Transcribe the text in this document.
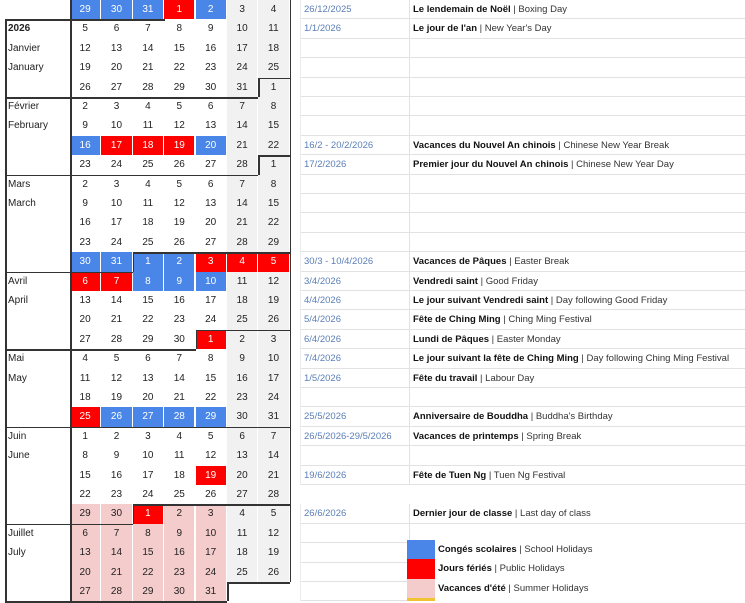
29	30	31	1	2	3	4
2026	5	6	7	8	9	10	11
Janvier	12	13	14	15	16	17	18
January	19	20	21	22	23	24	25
26	27	28	29	30	31	1
Février	2	3	4	5	6	7	8
February	9	10	11	12	13	14	15
16	17	18	19	20	21	22
23	24	25	26	27	28	1
Mars	2	3	4	5	6	7	8
March	9	10	11	12	13	14	15
16	17	18	19	20	21	22
23	24	25	26	27	28	29
30	31	1	2	3	4	5
Avril	6	7	8	9	10	11	12
April	13	14	15	16	17	18	19
20	21	22	23	24	25	26
27	28	29	30	1	2	3
Mai	4	5	6	7	8	9	10
May	11	12	13	14	15	16	17
18	19	20	21	22	23	24
25	26	27	28	29	30	31
Juin	1	2	3	4	5	6	7
June	8	9	10	11	12	13	14
15	16	17	18	19	20	21
22	23	24	25	26	27	28
29	30	1	2	3	4	5
Juillet	6	7	8	9	10	11	12
July	13	14	15	16	17	18	19
20	21	22	23	24	25	26
27	28	29	30	31
26/12/2025	Le lendemain de Noël | Boxing Day
1/1/2026	Le jour de l'an | New Year's Day
16/2 - 20/2/2026	Vacances du Nouvel An chinois | Chinese New Year Break
17/2/2026	Premier jour du Nouvel An chinois | Chinese New Year Day
30/3 - 10/4/2026	Vacances de Pâques | Easter Break
3/4/2026	Vendredi saint | Good Friday
4/4/2026	Le jour suivant Vendredi saint | Day following Good Friday
5/4/2026	Fête de Ching Ming | Ching Ming Festival
6/4/2026	Lundi de Pâques | Easter Monday
7/4/2026	Le jour suivant la fête de Ching Ming | Day following Ching Ming Festival
1/5/2026	Fête du travail | Labour Day
25/5/2026	Anniversaire de Bouddha | Buddha's Birthday
26/5/2026-29/5/2026	Vacances de printemps | Spring Break
19/6/2026	Fête de Tuen Ng | Tuen Ng Festival
26/6/2026	Dernier jour de classe | Last day of class
Congés scolaires | School Holidays
Jours fériés | Public Holidays
Vacances d'été | Summer Holidays
